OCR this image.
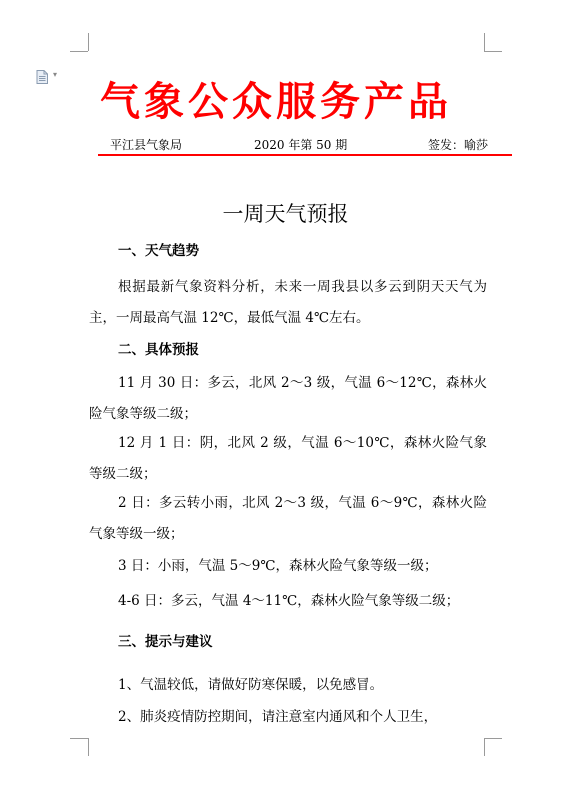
▾
气象公众服务产品
平江县气象局	2020 年第 50 期	签发：喻莎
一周天气预报
一、天气趋势
根据最新气象资料分析，未来一周我县以多云到阴天天气为主，一周最高气温 12℃，最低气温 4℃左右。
二、具体预报
11 月 30 日：多云，北风 2～3 级，气温 6～12℃，森林火险气象等级二级；
12 月 1 日：阴，北风 2 级，气温 6～10℃，森林火险气象等级二级；
2 日：多云转小雨，北风 2～3 级，气温 6～9℃，森林火险气象等级一级；
3 日：小雨，气温 5～9℃，森林火险气象等级一级；
4-6 日：多云，气温 4～11℃，森林火险气象等级二级；
三、提示与建议
1、气温较低，请做好防寒保暖，以免感冒。
2、肺炎疫情防控期间，请注意室内通风和个人卫生，
